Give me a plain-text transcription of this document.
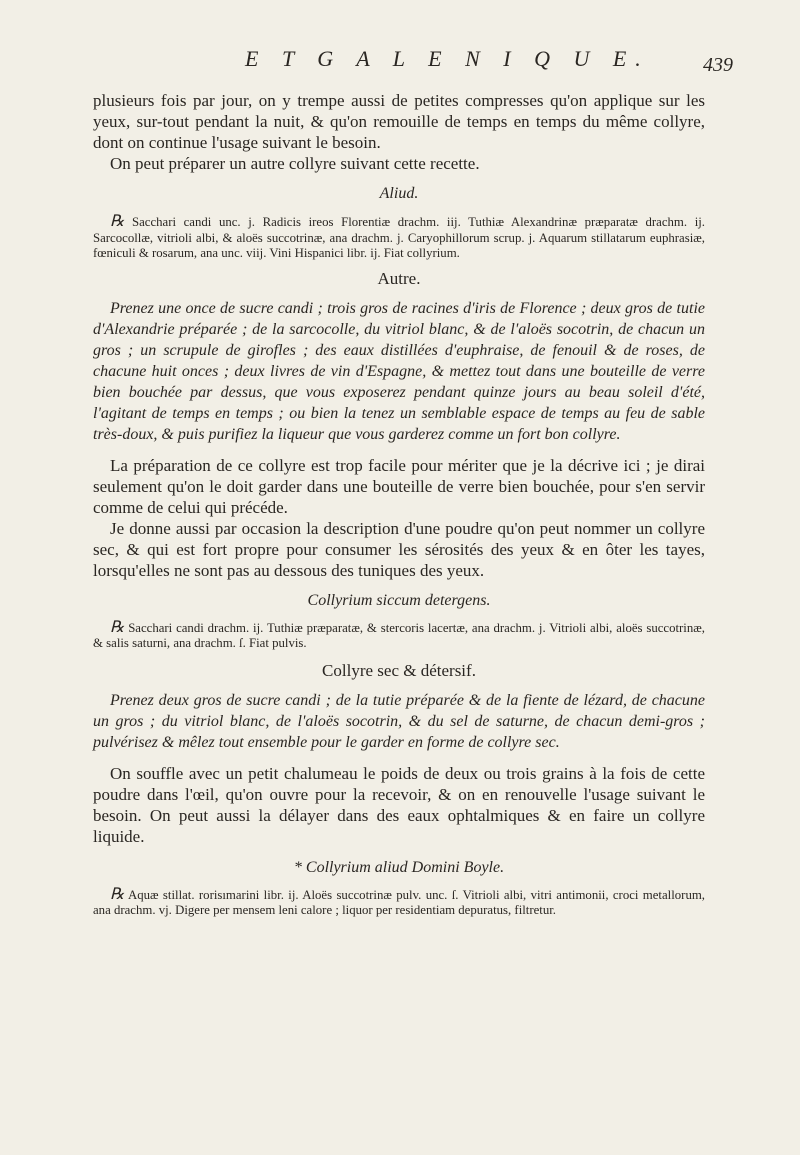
E T G A L E N I Q U E.	439

plusieurs fois par jour, on y trempe aussi de petites compresses qu'on applique sur les yeux, sur-tout pendant la nuit, & qu'on remouille de temps en temps du même collyre, dont on continue l'usage suivant le besoin.

On peut préparer un autre collyre suivant cette recette.

Aliud.

℞ Sacchari candi unc. j. Radicis ireos Florentiæ drachm. iij. Tuthiæ Alexandrinæ præparatæ drachm. ij. Sarcocollæ, vitrioli albi, & aloës succotrinæ, ana drachm. j. Caryophillorum scrup. j. Aquarum stillatarum euphrasiæ, fœniculi & rosarum, ana unc. viij. Vini Hispanici libr. ij. Fiat collyrium.

Autre.

Prenez une once de sucre candi ; trois gros de racines d'iris de Florence ; deux gros de tutie d'Alexandrie préparée ; de la sarcocolle, du vitriol blanc, & de l'aloës socotrin, de chacun un gros ; un scrupule de girofles ; des eaux distillées d'euphraise, de fenouil & de roses, de chacune huit onces ; deux livres de vin d'Espagne, & mettez tout dans une bouteille de verre bien bouchée par dessus, que vous exposerez pendant quinze jours au beau soleil d'été, l'agitant de temps en temps ; ou bien la tenez un semblable espace de temps au feu de sable très-doux, & puis purifiez la liqueur que vous garderez comme un fort bon collyre.

La préparation de ce collyre est trop facile pour mériter que je la décrive ici ; je dirai seulement qu'on le doit garder dans une bouteille de verre bien bouchée, pour s'en servir comme de celui qui précéde.

Je donne aussi par occasion la description d'une poudre qu'on peut nommer un collyre sec, & qui est fort propre pour consumer les sérosités des yeux & en ôter les tayes, lorsqu'elles ne sont pas au dessous des tuniques des yeux.

Collyrium siccum detergens.

℞ Sacchari candi drachm. ij. Tuthiæ præparatæ, & stercoris lacertæ, ana drachm. j. Vitrioli albi, aloës succotrinæ, & salis saturni, ana drachm. ſ. Fiat pulvis.

Collyre sec & détersif.

Prenez deux gros de sucre candi ; de la tutie préparée & de la fiente de lézard, de chacune un gros ; du vitriol blanc, de l'aloës socotrin, & du sel de saturne, de chacun demi-gros ; pulvérisez & mêlez tout ensemble pour le garder en forme de collyre sec.

On souffle avec un petit chalumeau le poids de deux ou trois grains à la fois de cette poudre dans l'œil, qu'on ouvre pour la recevoir, & on en renouvelle l'usage suivant le besoin. On peut aussi la délayer dans des eaux ophtalmiques & en faire un collyre liquide.

* Collyrium aliud Domini Boyle.

℞ Aquæ stillat. rorisımarini libr. ij. Aloës succotrinæ pulv. unc. ſ. Vitrioli albi, vitri antimonii, croci metallorum, ana drachm. vj. Digere per mensem leni calore ; liquor per residentiam depuratus, filtretur.
